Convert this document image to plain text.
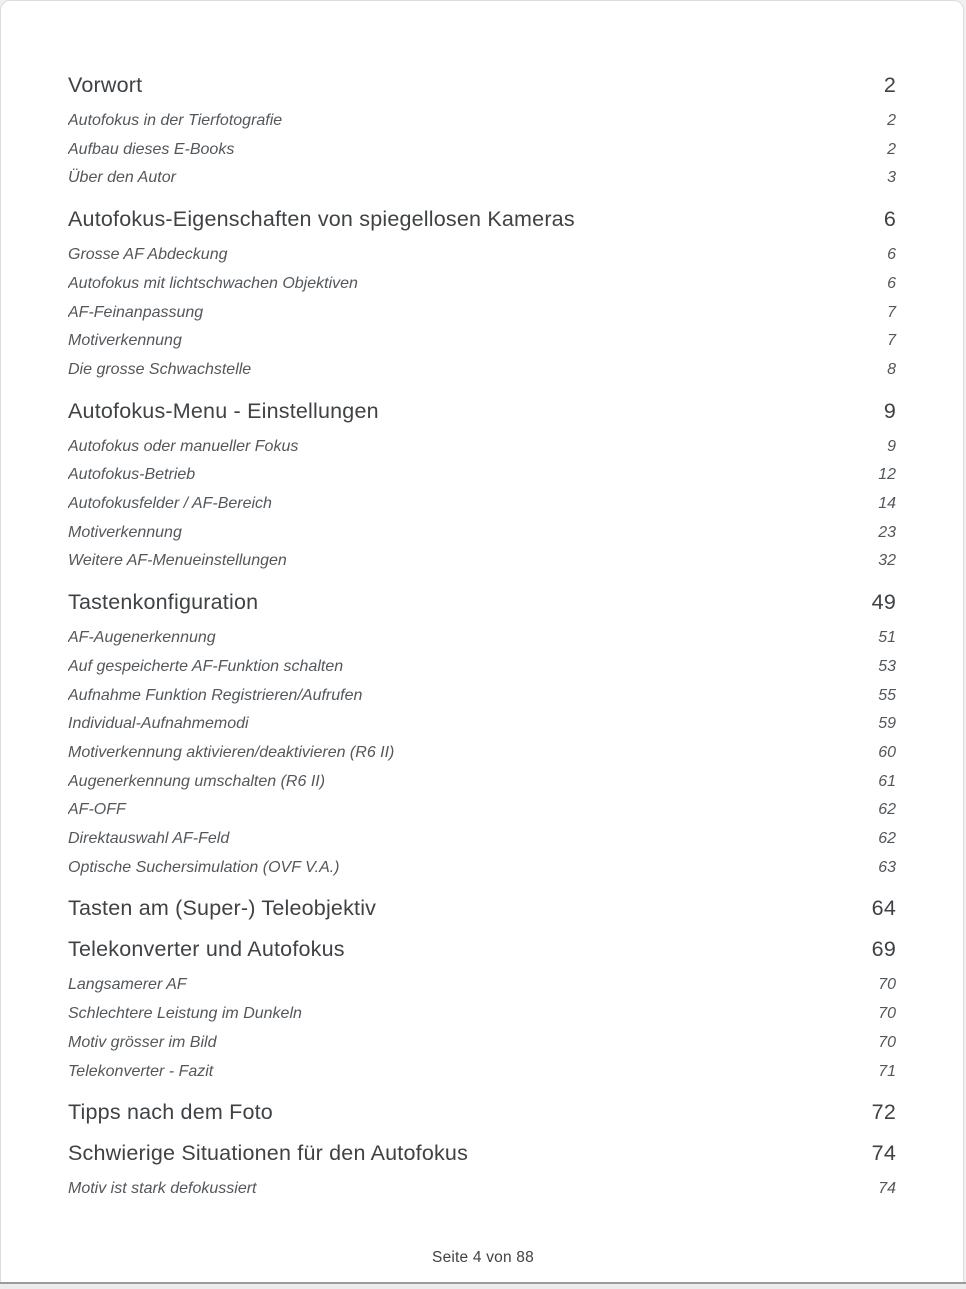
Vorwort	2
Autofokus in der Tierfotografie	2
Aufbau dieses E-Books	2
Über den Autor	3
Autofokus-Eigenschaften von spiegellosen Kameras	6
Grosse AF Abdeckung	6
Autofokus mit lichtschwachen Objektiven	6
AF-Feinanpassung	7
Motiverkennung	7
Die grosse Schwachstelle	8
Autofokus-Menu - Einstellungen	9
Autofokus oder manueller Fokus	9
Autofokus-Betrieb	12
Autofokusfelder / AF-Bereich	14
Motiverkennung	23
Weitere AF-Menueinstellungen	32
Tastenkonfiguration	49
AF-Augenerkennung	51
Auf gespeicherte AF-Funktion schalten	53
Aufnahme Funktion Registrieren/Aufrufen	55
Individual-Aufnahmemodi	59
Motiverkennung aktivieren/deaktivieren (R6 II)	60
Augenerkennung umschalten (R6 II)	61
AF-OFF	62
Direktauswahl AF-Feld	62
Optische Suchersimulation (OVF V.A.)	63
Tasten am (Super-) Teleobjektiv	64
Telekonverter und Autofokus	69
Langsamerer AF	70
Schlechtere Leistung im Dunkeln	70
Motiv grösser im Bild	70
Telekonverter - Fazit	71
Tipps nach dem Foto	72
Schwierige Situationen für den Autofokus	74
Motiv ist stark defokussiert	74
Seite 4 von 88
